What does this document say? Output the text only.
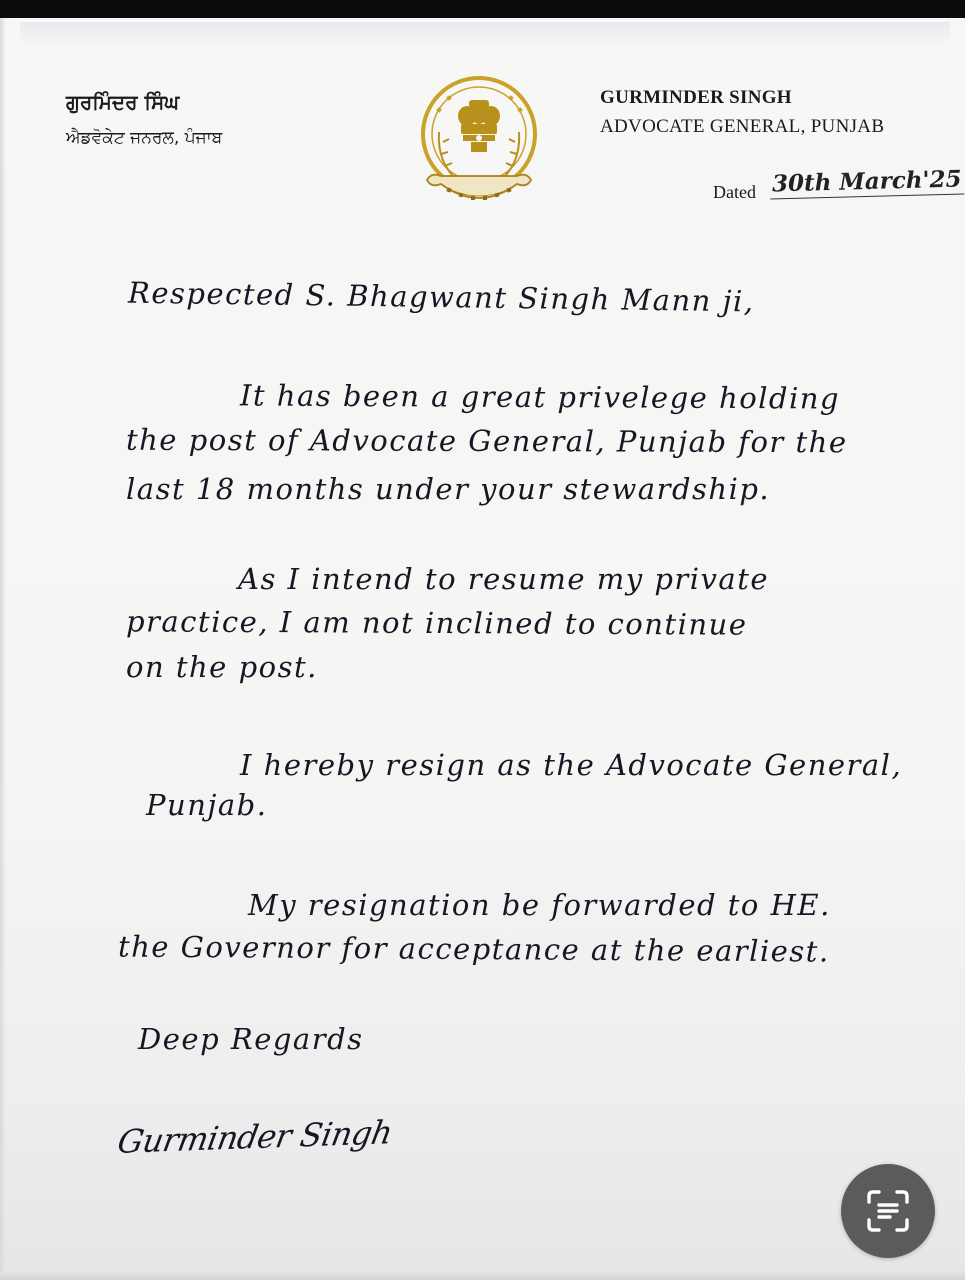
ਗੁਰਮਿੰਦਰ ਸਿੰਘ
ਐਡਵੋਕੇਟ ਜਨਰਲ, ਪੰਜਾਬ
GURMINDER SINGH
ADVOCATE GENERAL, PUNJAB
Dated 30th March'25
Respected S. Bhagwant Singh Mann ji,
It has been a great privelege holding
the post of Advocate General, Punjab for the
last 18 months under your stewardship.
As I intend to resume my private
practice, I am not inclined to continue
on the post.
I hereby resign as the Advocate General,
Punjab.
My resignation be forwarded to HE.
the Governor for acceptance at the earliest.
Deep Regards
Gurminder Singh
